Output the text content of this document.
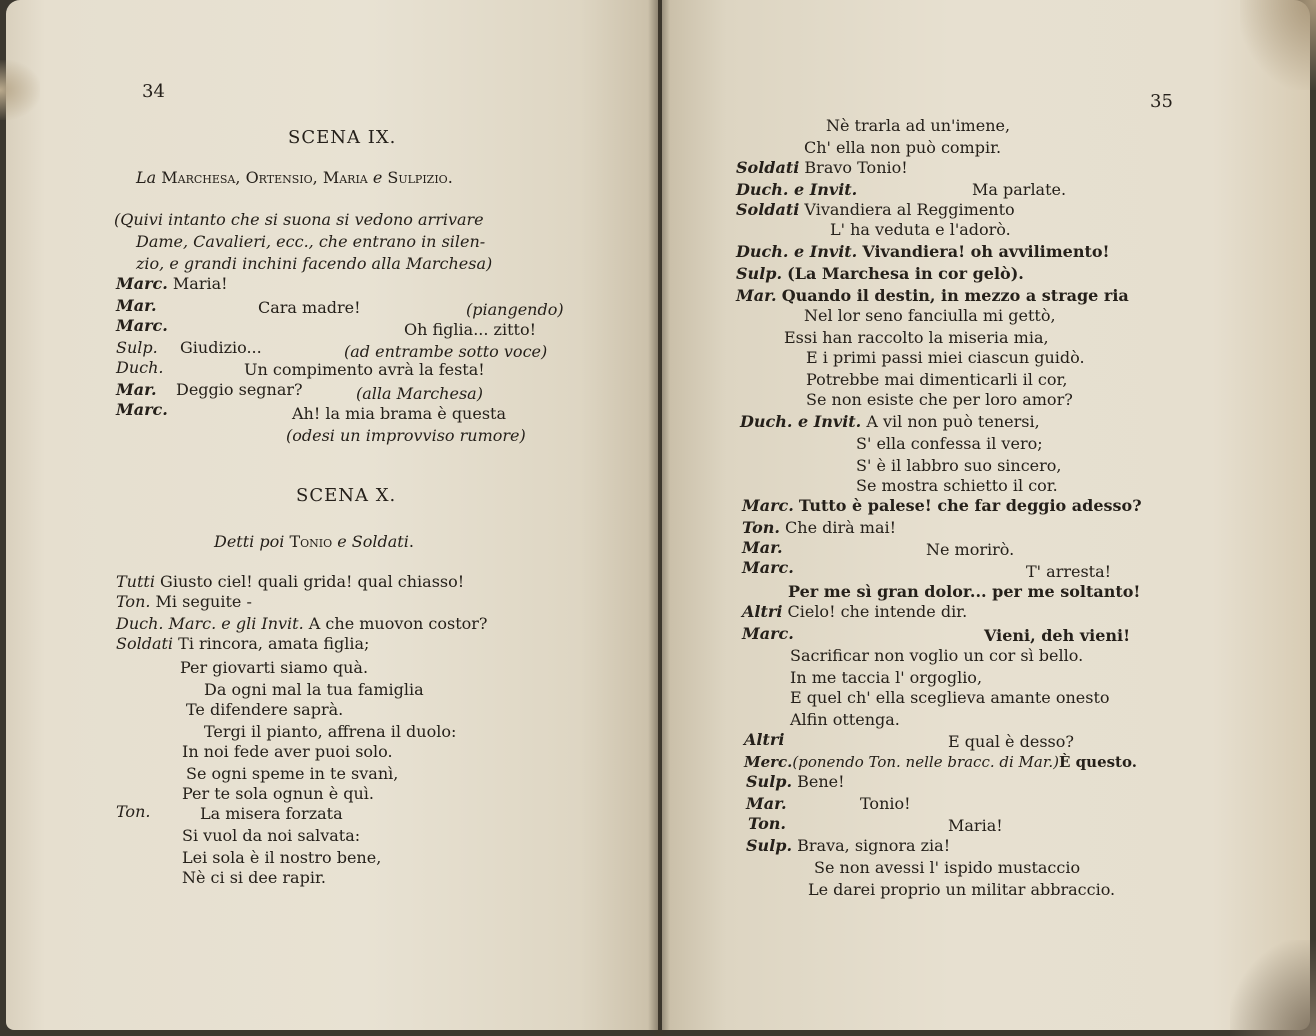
34
SCENA IX.
La Marchesa, Ortensio, Maria e Sulpizio.
(Quivi intanto che si suona si vedono arrivare
Dame, Cavalieri, ecc., che entrano in silen-
zio, e grandi inchini facendo alla Marchesa)
Marc. Maria!
Mar.	Cara madre!	(piangendo)
Marc.	Oh figlia... zitto!
Sulp. Giudizio...	(ad entrambe sotto voce)
Duch.	Un compimento avrà la festa!
Mar. Deggio segnar?	(alla Marchesa)
Marc.	Ah! la mia brama è questa
(odesi un improvviso rumore)
SCENA X.
Detti poi Tonio e Soldati.
Tutti Giusto ciel! quali grida! qual chiasso!
Ton. Mi seguite -
Duch. Marc. e gli Invit. A che muovon costor?
Soldati Ti rincora, amata figlia;
Per giovarti siamo quà.
Da ogni mal la tua famiglia
Te difendere saprà.
Tergi il pianto, affrena il duolo:
In noi fede aver puoi solo.
Se ogni speme in te svanì,
Per te sola ognun è quì.
Ton.	La misera forzata
Si vuol da noi salvata:
Lei sola è il nostro bene,
Nè ci si dee rapir.
35
Nè trarla ad un'imene,
Ch' ella non può compir.
Soldati Bravo Tonio!
Duch. e Invit.	Ma parlate.
Soldati Vivandiera al Reggimento
L' ha veduta e l'adorò.
Duch. e Invit. Vivandiera! oh avvilimento!
Sulp. (La Marchesa in cor gelò).
Mar. Quando il destin, in mezzo a strage ria
Nel lor seno fanciulla mi gettò,
Essi han raccolto la miseria mia,
E i primi passi miei ciascun guidò.
Potrebbe mai dimenticarli il cor,
Se non esiste che per loro amor?
Duch. e Invit. A vil non può tenersi,
S' ella confessa il vero;
S' è il labbro suo sincero,
Se mostra schietto il cor.
Marc. Tutto è palese! che far deggio adesso?
Ton. Che dirà mai!
Mar.	Ne morirò.
Marc.	T' arresta!
Per me sì gran dolor... per me soltanto!
Altri Cielo! che intende dir.
Marc.	Vieni, deh vieni!
Sacrificar non voglio un cor sì bello.
In me taccia l' orgoglio,
E quel ch' ella sceglieva amante onesto
Alfin ottenga.
Altri	E qual è desso?
Merc.(ponendo Ton. nelle bracc. di Mar.)È questo.
Sulp. Bene!
Mar.	Tonio!
Ton.	Maria!
Sulp. Brava, signora zia!
Se non avessi l' ispido mustaccio
Le darei proprio un militar abbraccio.
